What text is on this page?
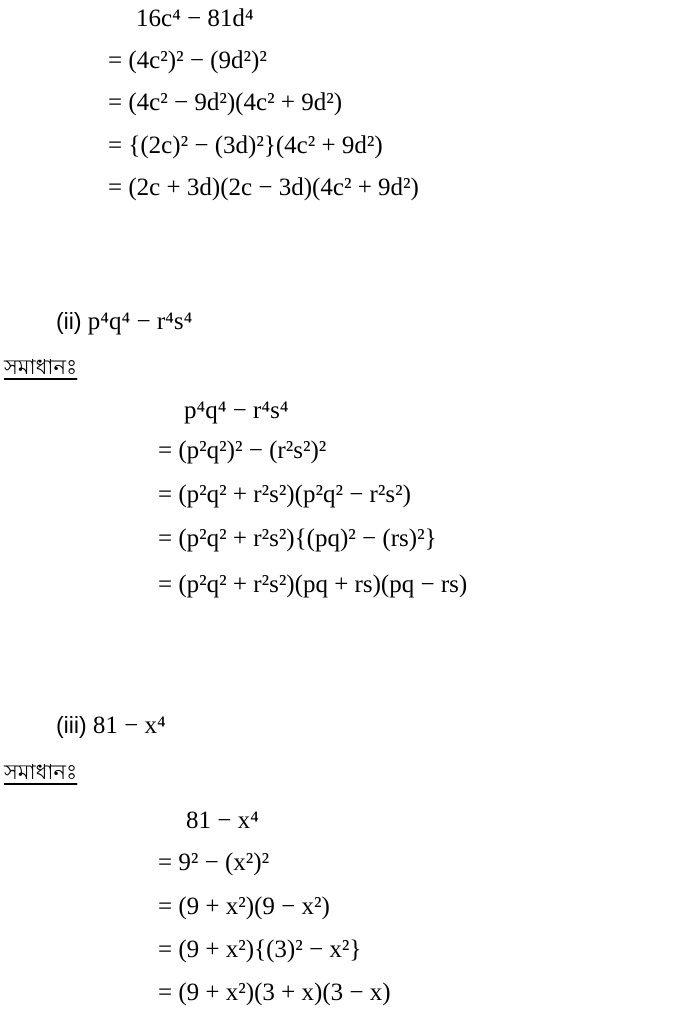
16c⁴ − 81d⁴
= (4c²)² − (9d²)²
= (4c² − 9d²)(4c² + 9d²)
= {(2c)² − (3d)²}(4c² + 9d²)
= (2c + 3d)(2c − 3d)(4c² + 9d²)
(ii) p⁴q⁴ − r⁴s⁴
সমাধানঃ
p⁴q⁴ − r⁴s⁴
= (p²q²)² − (r²s²)²
= (p²q² + r²s²)(p²q² − r²s²)
= (p²q² + r²s²){(pq)² − (rs)²}
= (p²q² + r²s²)(pq + rs)(pq − rs)
(iii) 81 − x⁴
সমাধানঃ
81 − x⁴
= 9² − (x²)²
= (9 + x²)(9 − x²)
= (9 + x²){(3)² − x²}
= (9 + x²)(3 + x)(3 − x)
